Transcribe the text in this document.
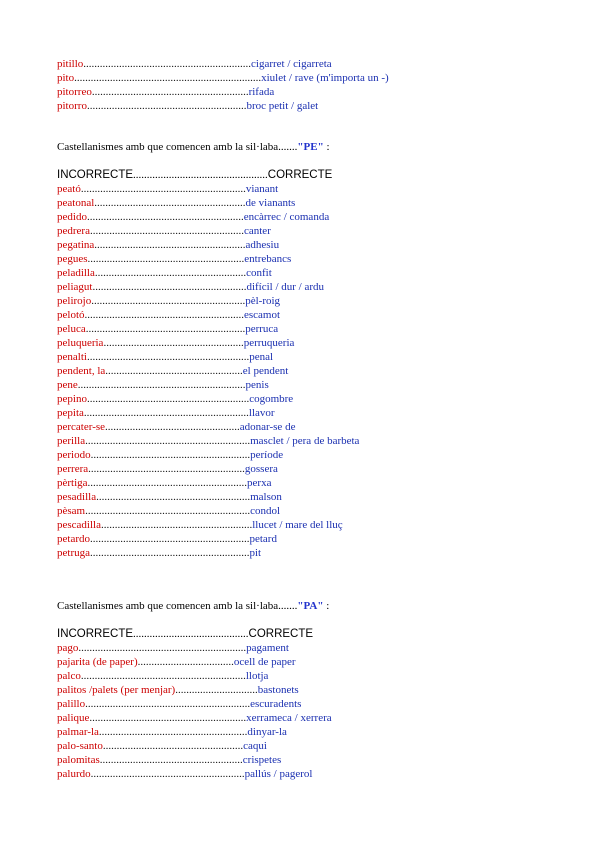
pitillo.............................................................cigarret / cigarreta
pito....................................................................xiulet / rave (m'importa un -)
pitorreo.........................................................rifada
pitorro..........................................................broc petit / galet
Castellanismes amb que comencen amb la sil·laba......."PE" :
INCORRECTE.................................................CORRECTE
peató............................................................vianant
peatonal.......................................................de vianants
pedido.........................................................encàrrec / comanda
pedrera........................................................canter
pegatina.......................................................adhesiu
pegues.........................................................entrebancs
peladilla.......................................................confit
peliagut........................................................difícil / dur / ardu
pelirojo........................................................pèl-roig
pelotó..........................................................escamot
peluca..........................................................perruca
peluqueria...................................................perruqueria
penalti...........................................................penal
pendent, la..................................................el pendent
pene.............................................................penis
pepino...........................................................cogombre
pepita............................................................llavor
percater-se.................................................adonar-se de
perilla............................................................masclet / pera de barbeta
periodo..........................................................període
perrera.........................................................gossera
pèrtiga..........................................................perxa
pesadilla........................................................malson
pèsam............................................................condol
pescadilla.......................................................llucet / mare del lluç
petardo..........................................................petard
petruga..........................................................pit
Castellanismes amb que comencen amb la sil·laba......."PA" :
INCORRECTE..........................................CORRECTE
pago.............................................................pagament
pajarita (de paper)...................................ocell de paper
palco............................................................llotja
palitos /palets (per menjar)..............................bastonets
palillo............................................................escuradents
palique.........................................................xerrameca / xerrera
palmar-la......................................................dinyar-la
palo-santo...................................................caqui
palomitas....................................................crispetes
palurdo........................................................pallús / pagerol
